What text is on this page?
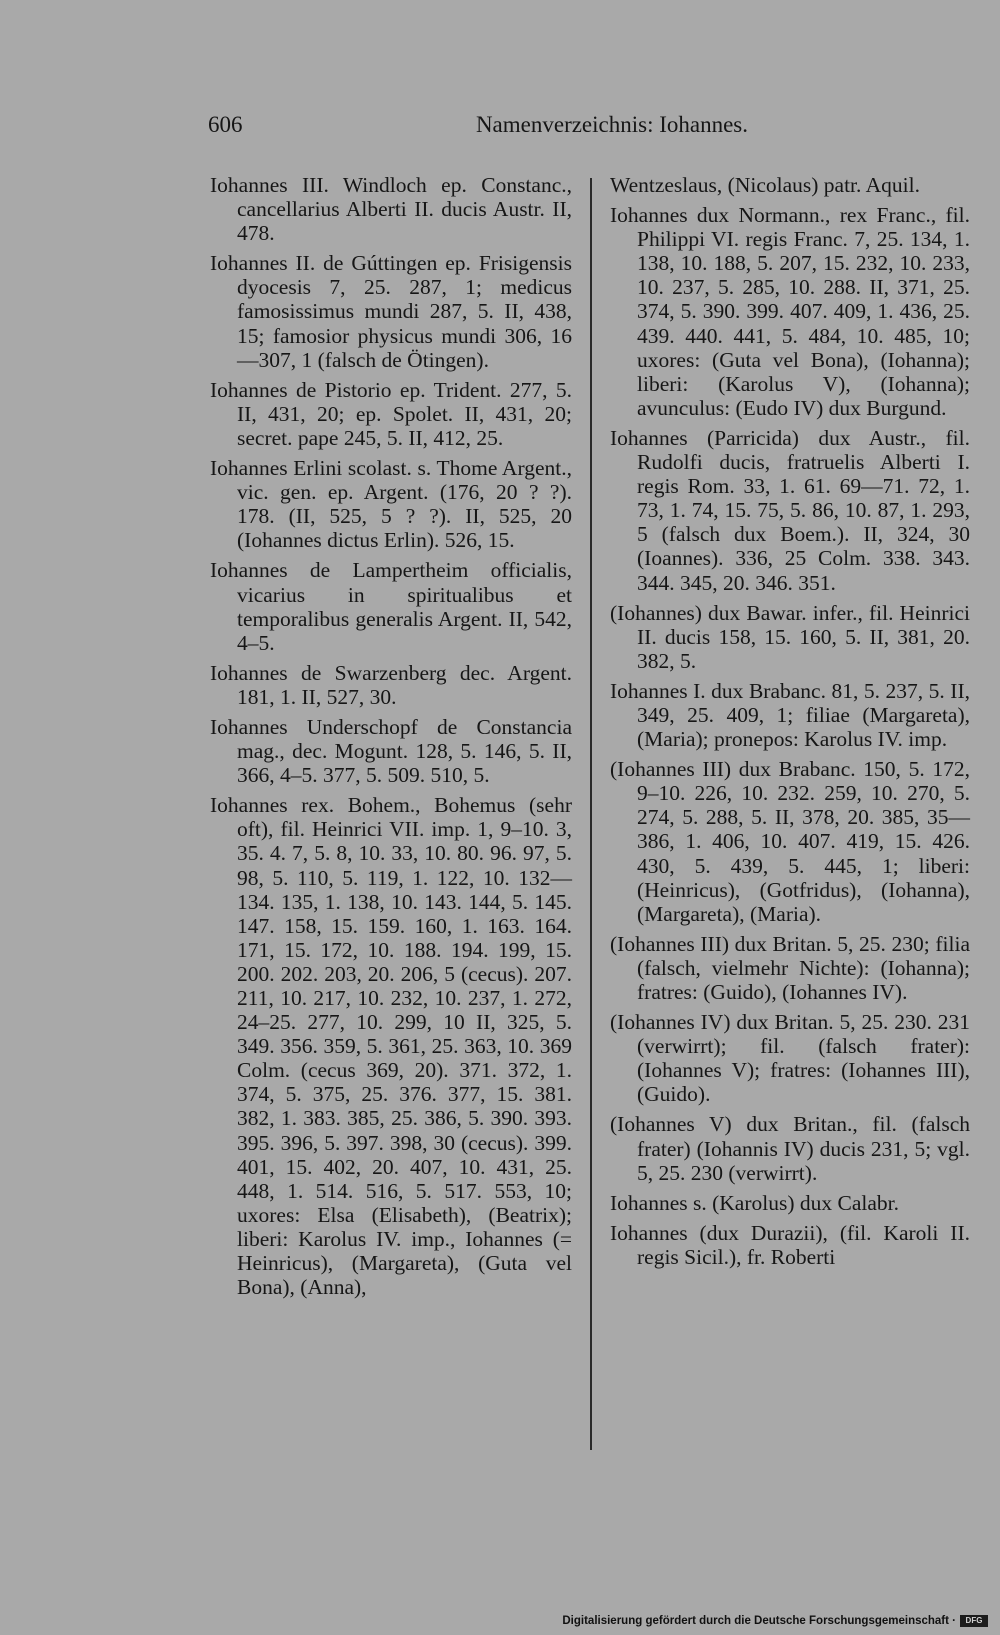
606	Namenverzeichnis: Iohannes.
Iohannes III. Windloch ep. Constanc., cancellarius Alberti II. ducis Austr. II, 478.
Iohannes II. de Gúttingen ep. Frisigensis dyocesis 7, 25. 287, 1; medicus famosissimus mundi 287, 5. II, 438, 15; famosior physicus mundi 306, 16—307, 1 (falsch de Ötingen).
Iohannes de Pistorio ep. Trident. 277, 5. II, 431, 20; ep. Spolet. II, 431, 20; secret. pape 245, 5. II, 412, 25.
Iohannes Erlini scolast. s. Thome Argent., vic. gen. ep. Argent. (176, 20 ? ?). 178. (II, 525, 5 ? ?). II, 525, 20 (Iohannes dictus Erlin). 526, 15.
Iohannes de Lampertheim officialis, vicarius in spiritualibus et temporalibus generalis Argent. II, 542, 4–5.
Iohannes de Swarzenberg dec. Argent. 181, 1. II, 527, 30.
Iohannes Underschopf de Constancia mag., dec. Mogunt. 128, 5. 146, 5. II, 366, 4–5. 377, 5. 509. 510, 5.
Iohannes rex. Bohem., Bohemus (sehr oft), fil. Heinrici VII. imp. 1, 9–10. 3, 35. 4. 7, 5. 8, 10. 33, 10. 80. 96. 97, 5. 98, 5. 110, 5. 119, 1. 122, 10. 132—134. 135, 1. 138, 10. 143. 144, 5. 145. 147. 158, 15. 159. 160, 1. 163. 164. 171, 15. 172, 10. 188. 194. 199, 15. 200. 202. 203, 20. 206, 5 (cecus). 207. 211, 10. 217, 10. 232, 10. 237, 1. 272, 24–25. 277, 10. 299, 10 II, 325, 5. 349. 356. 359, 5. 361, 25. 363, 10. 369 Colm. (cecus 369, 20). 371. 372, 1. 374, 5. 375, 25. 376. 377, 15. 381. 382, 1. 383. 385, 25. 386, 5. 390. 393. 395. 396, 5. 397. 398, 30 (cecus). 399. 401, 15. 402, 20. 407, 10. 431, 25. 448, 1. 514. 516, 5. 517. 553, 10; uxores: Elsa (Elisabeth), (Beatrix); liberi: Karolus IV. imp., Iohannes (= Heinricus), (Margareta), (Guta vel Bona), (Anna),
Wentzeslaus, (Nicolaus) patr. Aquil.
Iohannes dux Normann., rex Franc., fil. Philippi VI. regis Franc. 7, 25. 134, 1. 138, 10. 188, 5. 207, 15. 232, 10. 233, 10. 237, 5. 285, 10. 288. II, 371, 25. 374, 5. 390. 399. 407. 409, 1. 436, 25. 439. 440. 441, 5. 484, 10. 485, 10; uxores: (Guta vel Bona), (Iohanna); liberi: (Karolus V), (Iohanna); avunculus: (Eudo IV) dux Burgund.
Iohannes (Parricida) dux Austr., fil. Rudolfi ducis, fratruelis Alberti I. regis Rom. 33, 1. 61. 69—71. 72, 1. 73, 1. 74, 15. 75, 5. 86, 10. 87, 1. 293, 5 (falsch dux Boem.). II, 324, 30 (Ioannes). 336, 25 Colm. 338. 343. 344. 345, 20. 346. 351.
(Iohannes) dux Bawar. infer., fil. Heinrici II. ducis 158, 15. 160, 5. II, 381, 20. 382, 5.
Iohannes I. dux Brabanc. 81, 5. 237, 5. II, 349, 25. 409, 1; filiae (Margareta), (Maria); pronepos: Karolus IV. imp.
(Iohannes III) dux Brabanc. 150, 5. 172, 9–10. 226, 10. 232. 259, 10. 270, 5. 274, 5. 288, 5. II, 378, 20. 385, 35—386, 1. 406, 10. 407. 419, 15. 426. 430, 5. 439, 5. 445, 1; liberi: (Heinricus), (Gotfridus), (Iohanna), (Margareta), (Maria).
(Iohannes III) dux Britan. 5, 25. 230; filia (falsch, vielmehr Nichte): (Iohanna); fratres: (Guido), (Iohannes IV).
(Iohannes IV) dux Britan. 5, 25. 230. 231 (verwirrt); fil. (falsch frater): (Iohannes V); fratres: (Iohannes III), (Guido).
(Iohannes V) dux Britan., fil. (falsch frater) (Iohannis IV) ducis 231, 5; vgl. 5, 25. 230 (verwirrt).
Iohannes s. (Karolus) dux Calabr.
Iohannes (dux Durazii), (fil. Karoli II. regis Sicil.), fr. Roberti
Digitalisierung gefördert durch die Deutsche Forschungsgemeinschaft ·	DFG
